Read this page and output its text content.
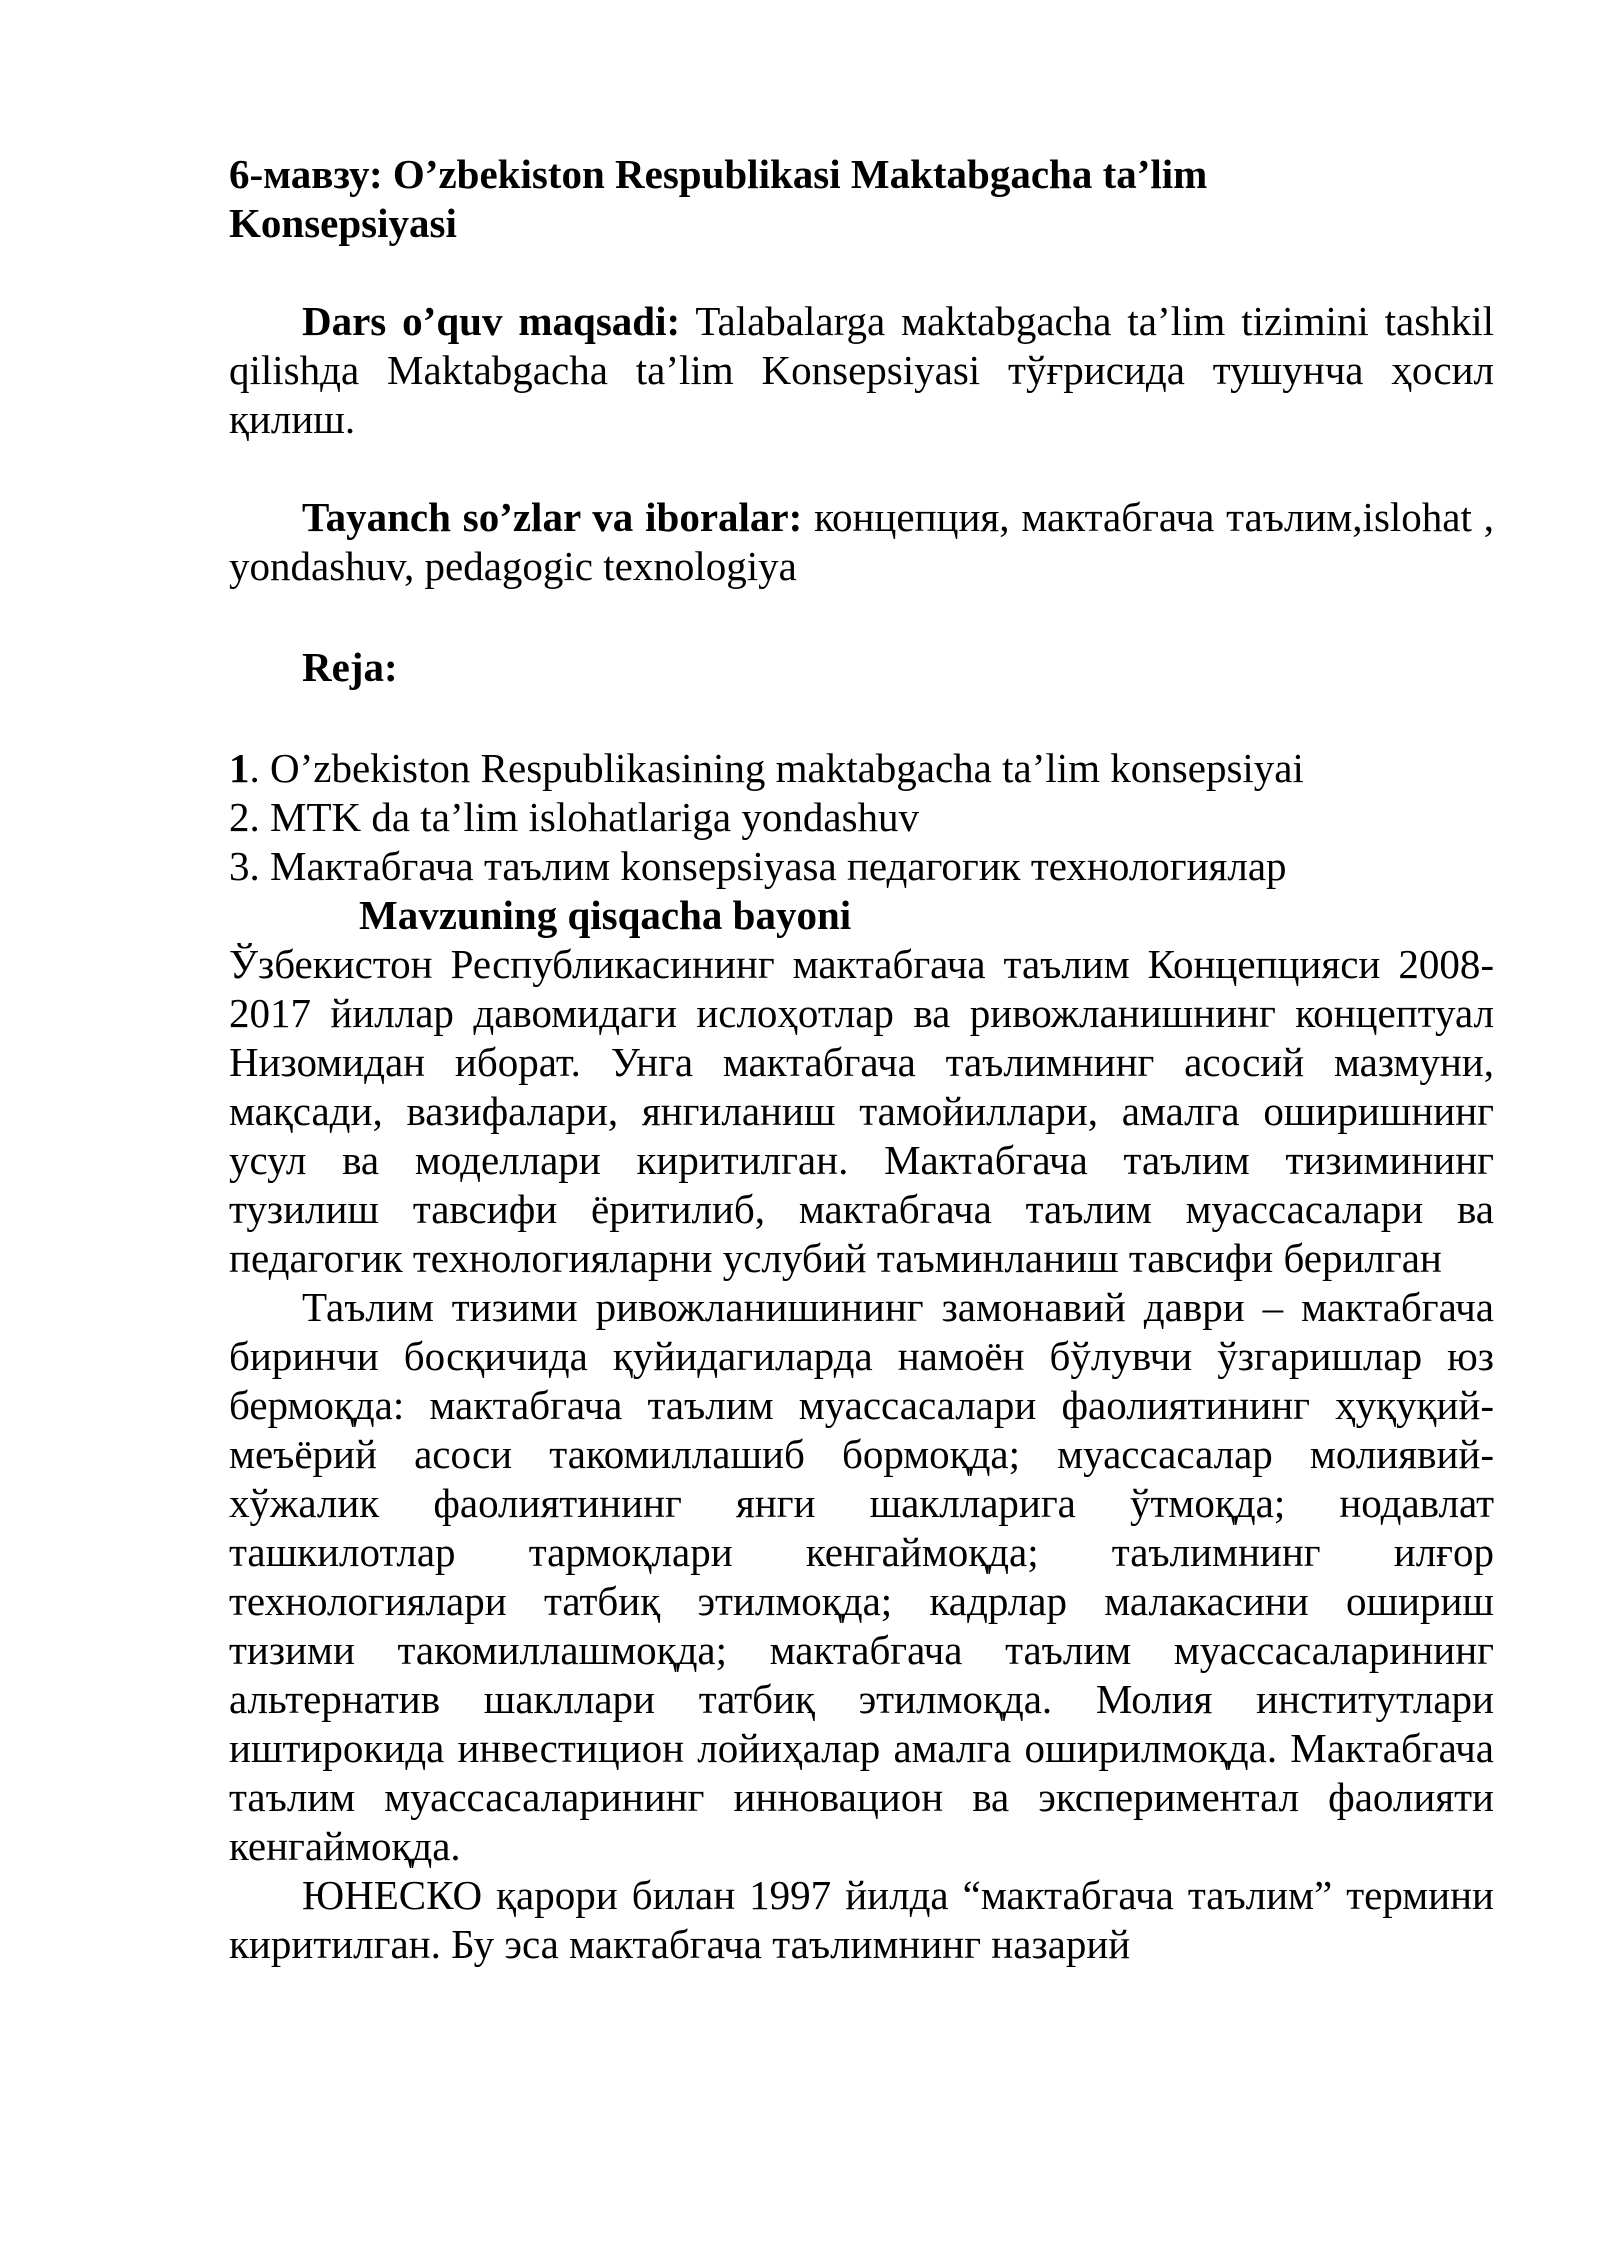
6-мавзу: O’zbekiston Respublikasi Maktabgacha ta’lim Konsepsiyasi

Dars o’quv maqsadi: Talabalarga мaktabgacha ta’lim tizimini tashkil qilishда Maktabgacha ta’lim Konsepsiyasi тўғрисида тушунча ҳосил қилиш.

Tayanch so’zlar va iboralar: концепция, мактабгача таълим,islohat , yondashuv, pedagogic texnologiya

Reja:

1. O’zbekiston Respublikasining maktabgacha ta’lim konsepsiyai

2. MTK da ta’lim islohatlariga yondashuv

3. Мактабгача таълим konsepsiyasa педагогик технологиялар

Mavzuning qisqacha bayoni

Ўзбекистон Республикасининг мактабгача таълим Концепцияси 2008-2017 йиллар давомидаги ислоҳотлар ва ривожланишнинг концептуал Низомидан иборат. Унга мактабгача таълимнинг асосий мазмуни, мақсади, вазифалари, янгиланиш тамойиллари, амалга оширишнинг усул ва моделлари киритилган. Мактабгача таълим тизимининг тузилиш тавсифи ёритилиб, мактабгача таълим муассасалари ва педагогик технологияларни услубий таъминланиш тавсифи берилган

Таълим тизими ривожланишининг замонавий даври – мактабгача биринчи босқичида қуйидагиларда намоён бўлувчи ўзгаришлар юз бермоқда: мактабгача таълим муассасалари фаолиятининг ҳуқуқий-меъёрий асоси такомиллашиб бормоқда; муассасалар молиявий-хўжалик фаолиятининг янги шаклларига ўтмоқда; нодавлат ташкилотлар тармоқлари кенгаймоқда; таълимнинг илғор технологиялари татбиқ этилмоқда; кадрлар малакасини ошириш тизими такомиллашмоқда; мактабгача таълим муассасаларининг альтернатив шакллари татбиқ этилмоқда. Молия институтлари иштирокида инвестицион лойиҳалар амалга оширилмоқда. Мактабгача таълим муассасаларининг инновацион ва экспериментал фаолияти кенгаймоқда.

ЮНЕСКО қарори билан 1997 йилда “мактабгача таълим” термини киритилган. Бу эса мактабгача таълимнинг назарий
